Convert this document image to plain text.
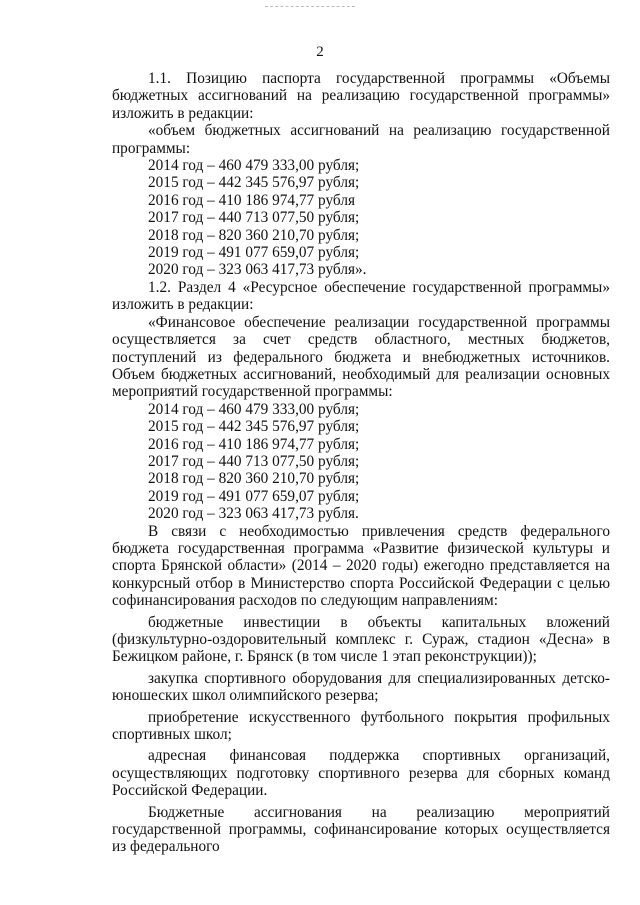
2

1.1. Позицию паспорта государственной программы «Объемы бюджетных ассигнований на реализацию государственной программы» изложить в редакции:

«объем бюджетных ассигнований на реализацию государственной программы:

2014 год – 460 479 333,00 рубля;
2015 год – 442 345 576,97 рубля;
2016 год – 410 186 974,77 рубля
2017 год – 440 713 077,50 рубля;
2018 год – 820 360 210,70 рубля;
2019 год – 491 077 659,07 рубля;
2020 год – 323 063 417,73 рубля».

1.2. Раздел 4 «Ресурсное обеспечение государственной программы» изложить в редакции:

«Финансовое обеспечение реализации государственной программы осуществляется за счет средств областного, местных бюджетов, поступлений из федерального бюджета и внебюджетных источников. Объем бюджетных ассигнований, необходимый для реализации основных мероприятий государственной программы:

2014 год – 460 479 333,00 рубля;
2015 год – 442 345 576,97 рубля;
2016 год – 410 186 974,77 рубля;
2017 год – 440 713 077,50 рубля;
2018 год – 820 360 210,70 рубля;
2019 год – 491 077 659,07 рубля;
2020 год – 323 063 417,73 рубля.

В связи с необходимостью привлечения средств федерального бюджета государственная программа «Развитие физической культуры и спорта Брянской области» (2014 – 2020 годы) ежегодно представляется на конкурсный отбор в Министерство спорта Российской Федерации с целью софинансирования расходов по следующим направлениям:

бюджетные инвестиции в объекты капитальных вложений (физкультурно-оздоровительный комплекс г. Сураж, стадион «Десна» в Бежицком районе, г. Брянск (в том числе 1 этап реконструкции));

закупка спортивного оборудования для специализированных детско-юношеских школ олимпийского резерва;

приобретение искусственного футбольного покрытия профильных спортивных школ;

адресная финансовая поддержка спортивных организаций, осуществляющих подготовку спортивного резерва для сборных команд Российской Федерации.

Бюджетные ассигнования на реализацию мероприятий государственной программы, софинансирование которых осуществляется из федерального
